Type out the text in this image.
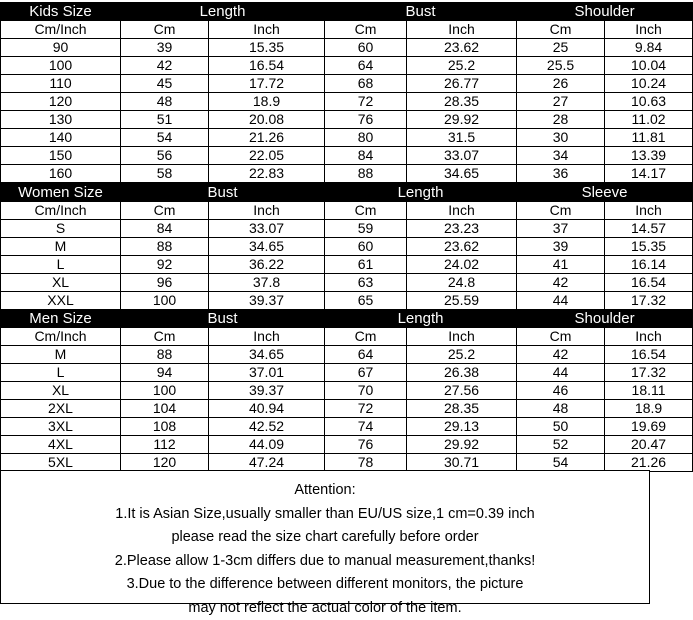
Kids Size	Length		Bust		Shoulder	
Cm/Inch	Cm	Inch	Cm	Inch	Cm	Inch
90	39	15.35	60	23.62	25	9.84
100	42	16.54	64	25.2	25.5	10.04
110	45	17.72	68	26.77	26	10.24
120	48	18.9	72	28.35	27	10.63
130	51	20.08	76	29.92	28	11.02
140	54	21.26	80	31.5	30	11.81
150	56	22.05	84	33.07	34	13.39
160	58	22.83	88	34.65	36	14.17
Women Size	Bust		Length		Sleeve	
Cm/Inch	Cm	Inch	Cm	Inch	Cm	Inch
S	84	33.07	59	23.23	37	14.57
M	88	34.65	60	23.62	39	15.35
L	92	36.22	61	24.02	41	16.14
XL	96	37.8	63	24.8	42	16.54
XXL	100	39.37	65	25.59	44	17.32
Men Size	Bust		Length		Shoulder	
Cm/Inch	Cm	Inch	Cm	Inch	Cm	Inch
M	88	34.65	64	25.2	42	16.54
L	94	37.01	67	26.38	44	17.32
XL	100	39.37	70	27.56	46	18.11
2XL	104	40.94	72	28.35	48	18.9
3XL	108	42.52	74	29.13	50	19.69
4XL	112	44.09	76	29.92	52	20.47
5XL	120	47.24	78	30.71	54	21.26
Attention:
1.It is Asian Size,usually smaller than EU/US size,1 cm=0.39 inch
please read the size chart carefully before order
2.Please allow 1-3cm differs due to manual measurement,thanks!
3.Due to the difference between different monitors, the picture
may not reflect the actual color of the item.
